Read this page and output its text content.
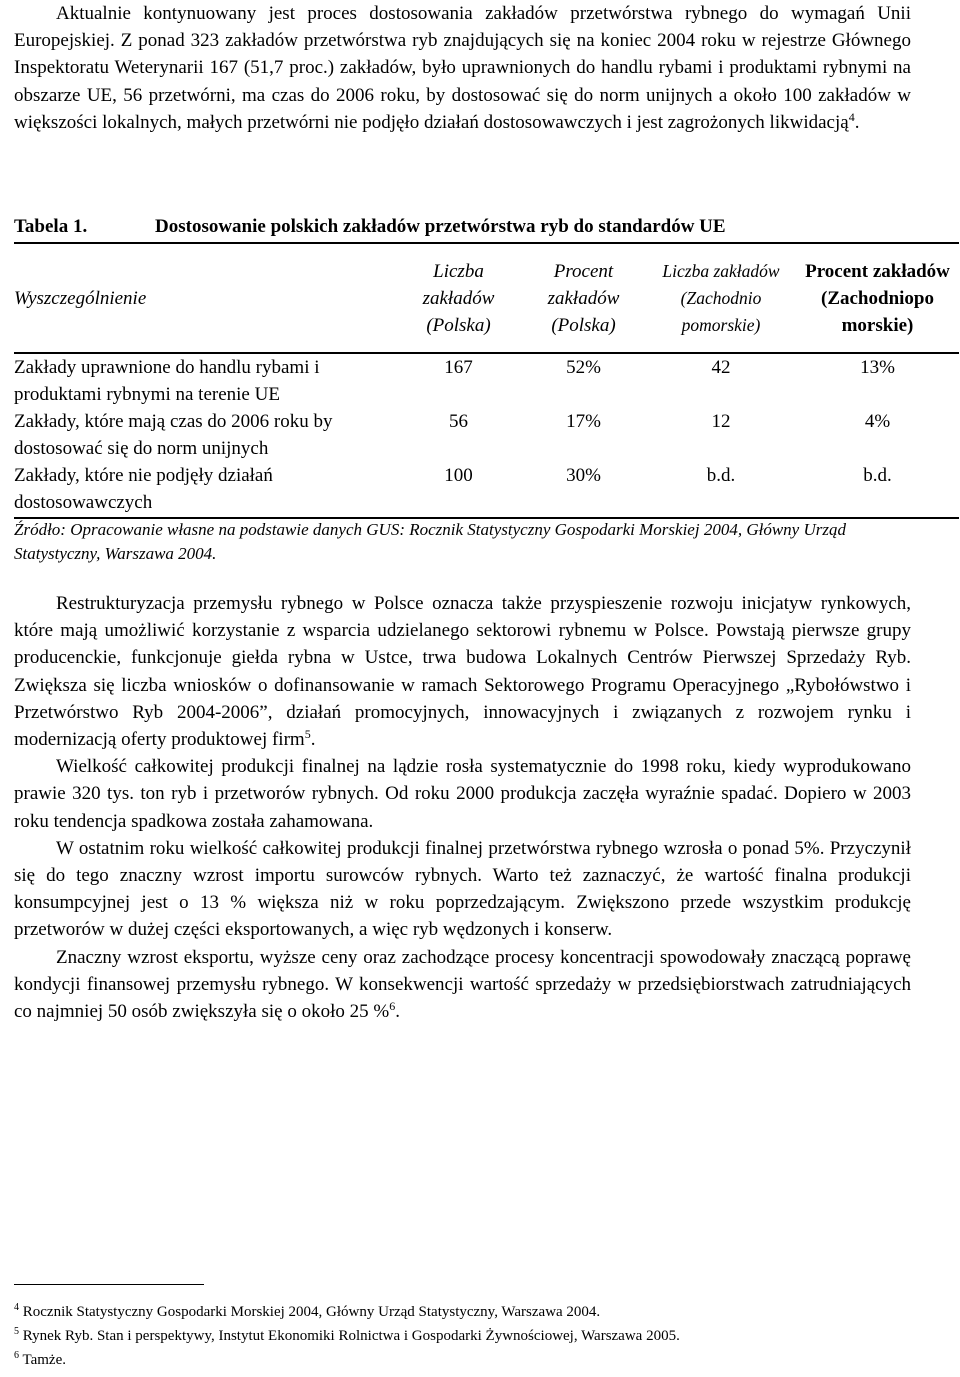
Aktualnie kontynuowany jest proces dostosowania zakładów przetwórstwa rybnego do wymagań Unii Europejskiej. Z ponad 323 zakładów przetwórstwa ryb znajdujących się na koniec 2004 roku w rejestrze Głównego Inspektoratu Weterynarii 167 (51,7 proc.) zakładów, było uprawnionych do handlu rybami i produktami rybnymi na obszarze UE, 56 przetwórni, ma czas do 2006 roku, by dostosować się do norm unijnych a około 100 zakładów w większości lokalnych, małych przetwórni nie podjęło działań dostosowawczych i jest zagrożonych likwidacją$^4$.

Tabela 1.	Dostosowanie polskich zakładów przetwórstwa ryb do standardów UE
Wyszczególnienie	Liczba zakładów (Polska)	Procent zakładów (Polska)	Liczba zakładów (Zachodnio pomorskie)	Procent zakładów (Zachodniopo morskie)
Zakłady uprawnione do handlu rybami i produktami rybnymi na terenie UE	167	52%	42	13%
Zakłady, które mają czas do 2006 roku by dostosować się do norm unijnych	56	17%	12	4%
Zakłady, które nie podjęły działań dostosowawczych	100	30%	b.d.	b.d.
Źródło: Opracowanie własne na podstawie danych GUS: Rocznik Statystyczny Gospodarki Morskiej 2004, Główny Urząd Statystyczny, Warszawa 2004.

Restrukturyzacja przemysłu rybnego w Polsce oznacza także przyspieszenie rozwoju inicjatyw rynkowych, które mają umożliwić korzystanie z wsparcia udzielanego sektorowi rybnemu w Polsce. Powstają pierwsze grupy producenckie, funkcjonuje giełda rybna w Ustce, trwa budowa Lokalnych Centrów Pierwszej Sprzedaży Ryb. Zwiększa się liczba wniosków o dofinansowanie w ramach Sektorowego Programu Operacyjnego „Rybołówstwo i Przetwórstwo Ryb 2004-2006”, działań promocyjnych, innowacyjnych i związanych z rozwojem rynku i modernizacją oferty produktowej firm$^5$.

Wielkość całkowitej produkcji finalnej na lądzie rosła systematycznie do 1998 roku, kiedy wyprodukowano prawie 320 tys. ton ryb i przetworów rybnych. Od roku 2000 produkcja zaczęła wyraźnie spadać. Dopiero w 2003 roku tendencja spadkowa została zahamowana.

W ostatnim roku wielkość całkowitej produkcji finalnej przetwórstwa rybnego wzrosła o ponad 5%. Przyczynił się do tego znaczny wzrost importu surowców rybnych. Warto też zaznaczyć, że wartość finalna produkcji konsumpcyjnej jest o 13 % większa niż w roku poprzedzającym. Zwiększono przede wszystkim produkcję przetworów w dużej części eksportowanych, a więc ryb wędzonych i konserw.

Znaczny wzrost eksportu, wyższe ceny oraz zachodzące procesy koncentracji spowodowały znaczącą poprawę kondycji finansowej przemysłu rybnego. W konsekwencji wartość sprzedaży w przedsiębiorstwach zatrudniających co najmniej 50 osób zwiększyła się o około 25 %$^6$.

$^4$ Rocznik Statystyczny Gospodarki Morskiej 2004, Główny Urząd Statystyczny, Warszawa 2004.
$^5$ Rynek Ryb. Stan i perspektywy, Instytut Ekonomiki Rolnictwa i Gospodarki Żywnościowej, Warszawa 2005.
$^6$ Tamże.
